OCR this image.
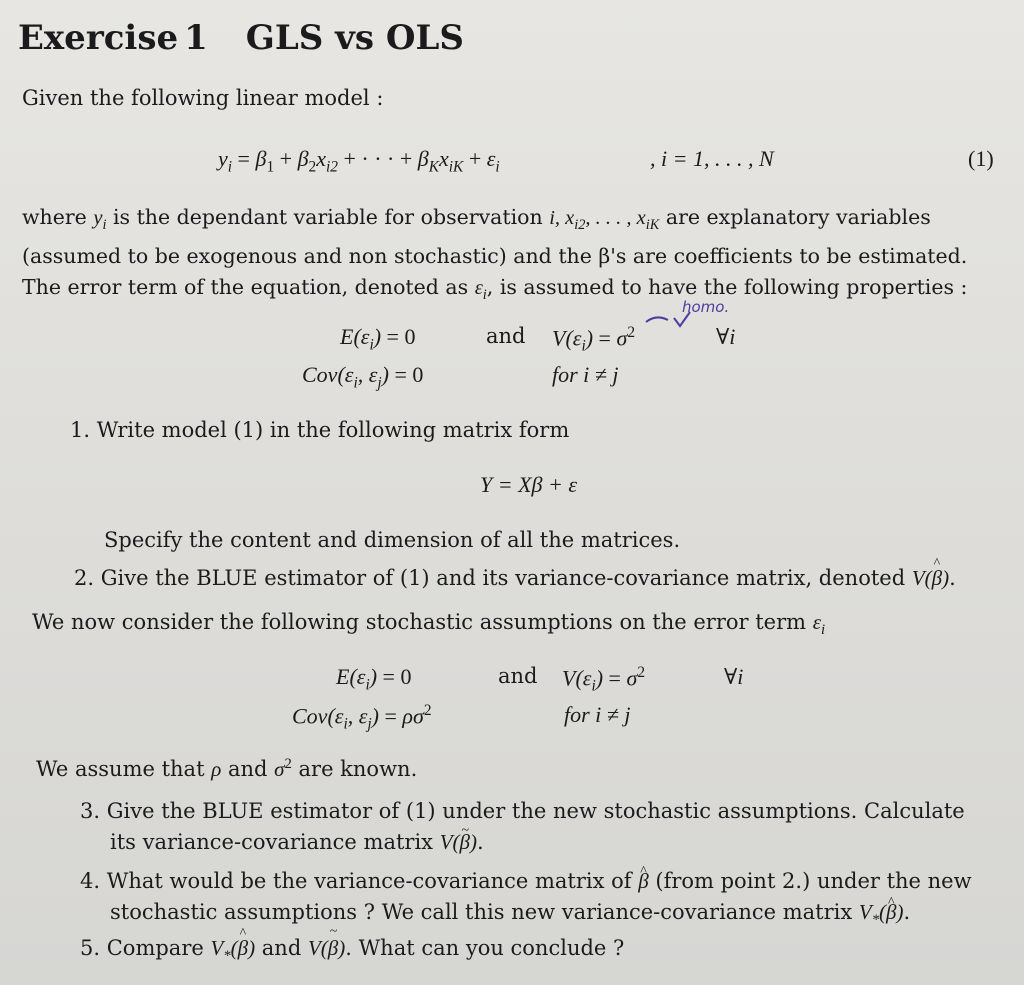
Exercise 1 GLS vs OLS
Given the following linear model :
$y_i = \beta_1 + \beta_2x_{i2}$ + · · · + $\beta_Kx_{iK} + \varepsilon_i$	, i = 1, . . . , N	(1)
where $y_i$ is the dependant variable for observation i, $x_{i2}$, . . . , $x_{iK}$ are explanatory variables
(assumed to be exogenous and non stochastic) and the β's are coefficients to be estimated.
The error term of the equation, denoted as $\varepsilon_i$, is assumed to have the following properties :
$E(\varepsilon_i) = 0$	and $V(\varepsilon_i) = \sigma^2$	∀i
homo.
$Cov(\varepsilon_i$, $\varepsilon_j) = 0$	for i ≠ j
1. Write model (1) in the following matrix form
Y = Xβ + ε
Specify the content and dimension of all the matrices.
2. Give the BLUE estimator of (1) and its variance-covariance matrix, denoted V(^ β).
We now consider the following stochastic assumptions on the error term $\varepsilon_i$
$E(\varepsilon_i) = 0$	and $V(\varepsilon_i) = \sigma^2$	∀i
$Cov(\varepsilon_i$, $\varepsilon_j) = \rho\sigma^2$	for i ≠ j
We assume that ρ and $\sigma^2$ are known.
3. Give the BLUE estimator of (1) under the new stochastic assumptions. Calculate
its variance-covariance matrix V(~ β).
4. What would be the variance-covariance matrix of ^ β (from point 2.) under the new
stochastic assumptions ? We call this new variance-covariance matrix $V_*(\^{}$ β).
5. Compare $V_*(\^{}$ β) and V(~ β). What can you conclude ?
